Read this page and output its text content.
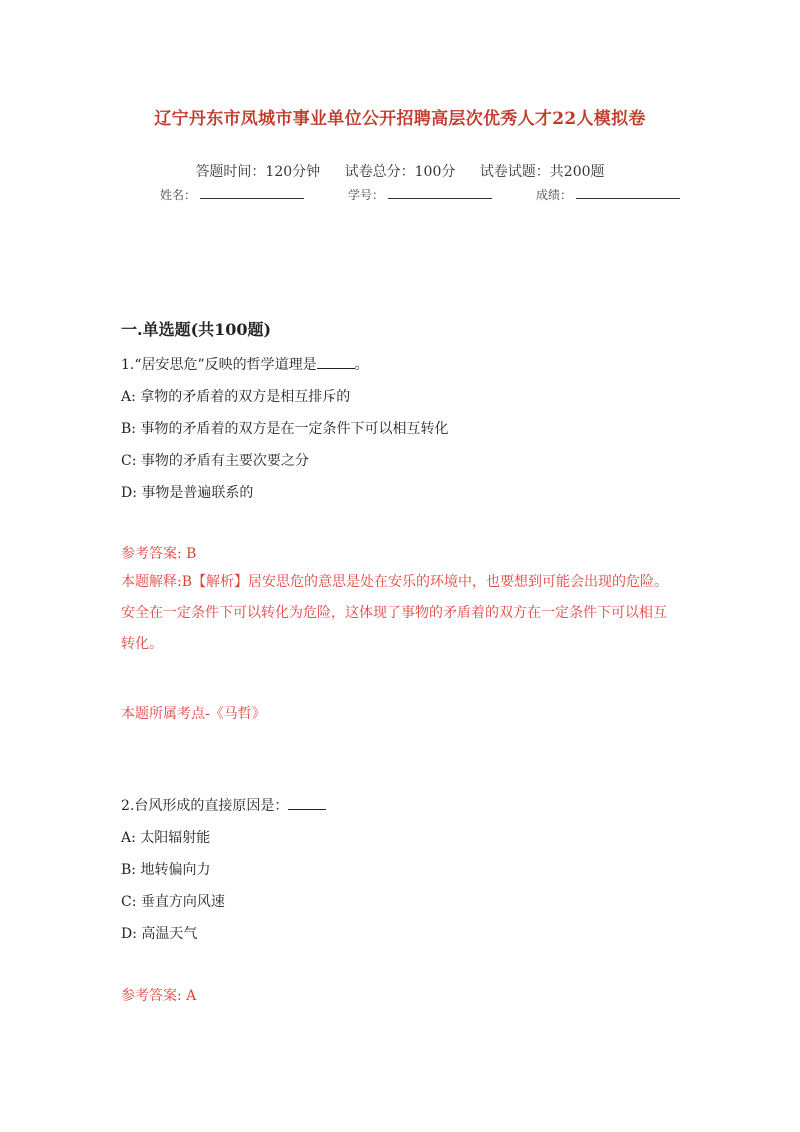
辽宁丹东市凤城市事业单位公开招聘高层次优秀人才22人模拟卷
答题时间：120分钟 试卷总分：100分 试卷试题：共200题
姓名：	学号：	成绩：
一.单选题(共100题)
1.“居安思危”反映的哲学道理是	。
A: 拿物的矛盾着的双方是相互排斥的
B: 事物的矛盾着的双方是在一定条件下可以相互转化
C: 事物的矛盾有主要次要之分
D: 事物是普遍联系的
参考答案: B
本题解释:B【解析】居安思危的意思是处在安乐的环境中，也要想到可能会出现的危险。安全在一定条件下可以转化为危险，这体现了事物的矛盾着的双方在一定条件下可以相互转化。
本题所属考点-《马哲》
2.台风形成的直接原因是：
A: 太阳辐射能
B: 地转偏向力
C: 垂直方向风速
D: 高温天气
参考答案: A
